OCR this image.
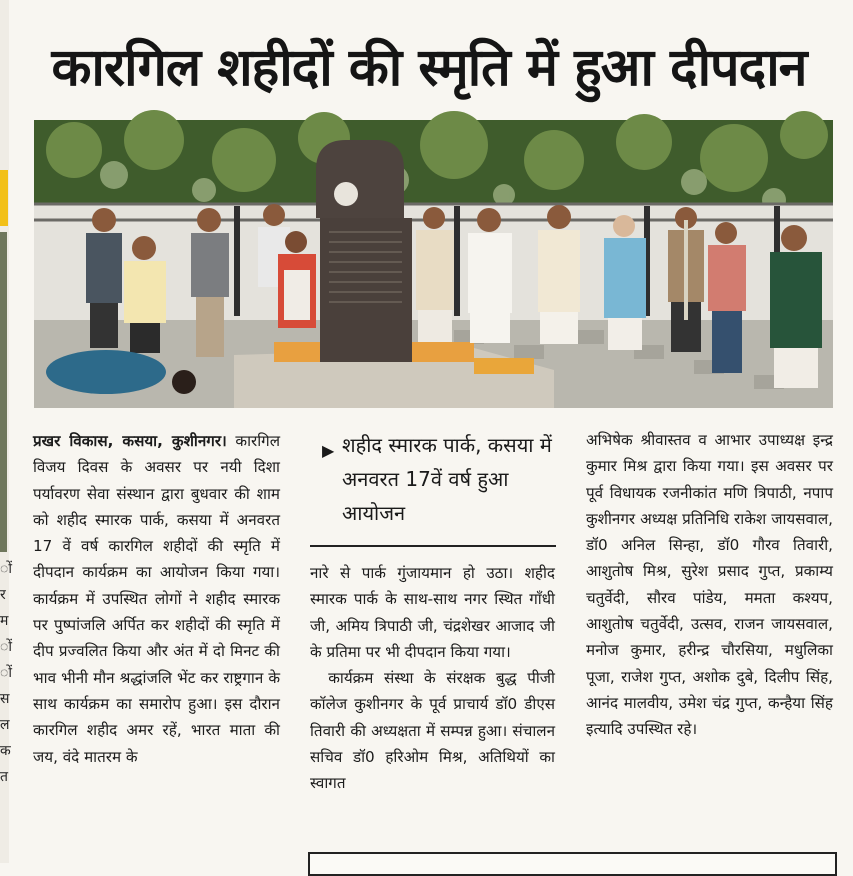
ों
र
म
ों
ों
स
ल
क
त
कारगिल शहीदों की स्मृति में हुआ दीपदान

प्रखर विकास, कसया, कुशीनगर। कारगिल विजय दिवस के अवसर पर नयी दिशा पर्यावरण सेवा संस्थान द्वारा बुधवार की शाम को शहीद स्मारक पार्क, कसया में अनवरत 17 वें वर्ष कारगिल शहीदों की स्मृति में दीपदान कार्यक्रम का आयोजन किया गया। कार्यक्रम में उपस्थित लोगों ने शहीद स्मारक पर पुष्पांजलि अर्पित कर शहीदों की स्मृति में दीप प्रज्वलित किया और अंत में दो मिनट की भाव भीनी मौन श्रद्धांजलि भेंट कर राष्ट्रगान के साथ कार्यक्रम का समारोप हुआ। इस दौरान कारगिल शहीद अमर रहें, भारत माता की जय, वंदे मातरम के

▶ शहीद स्मारक पार्क, कसया में अनवरत 17वें वर्ष हुआ आयोजन

नारे से पार्क गुंजायमान हो उठा। शहीद स्मारक पार्क के साथ-साथ नगर स्थित गाँधी जी, अमिय त्रिपाठी जी, चंद्रशेखर आजाद जी के प्रतिमा पर भी दीपदान किया गया।

कार्यक्रम संस्था के संरक्षक बुद्ध पीजी कॉलेज कुशीनगर के पूर्व प्राचार्य डॉ0 डीएस तिवारी की अध्यक्षता में सम्पन्न हुआ। संचालन सचिव डॉ0 हरिओम मिश्र, अतिथियों का स्वागत

अभिषेक श्रीवास्तव व आभार उपाध्यक्ष इन्द्र कुमार मिश्र द्वारा किया गया। इस अवसर पर पूर्व विधायक रजनीकांत मणि त्रिपाठी, नपाप कुशीनगर अध्यक्ष प्रतिनिधि राकेश जायसवाल, डॉ0 अनिल सिन्हा, डॉ0 गौरव तिवारी, आशुतोष मिश्र, सुरेश प्रसाद गुप्त, प्रकाम्य चतुर्वेदी, सौरव पांडेय, ममता कश्यप, आशुतोष चतुर्वेदी, उत्सव, राजन जायसवाल, मनोज कुमार, हरीन्द्र चौरसिया, मधुलिका पूजा, राजेश गुप्त, अशोक दुबे, दिलीप सिंह, आनंद मालवीय, उमेश चंद्र गुप्त, कन्हैया सिंह इत्यादि उपस्थित रहे।
